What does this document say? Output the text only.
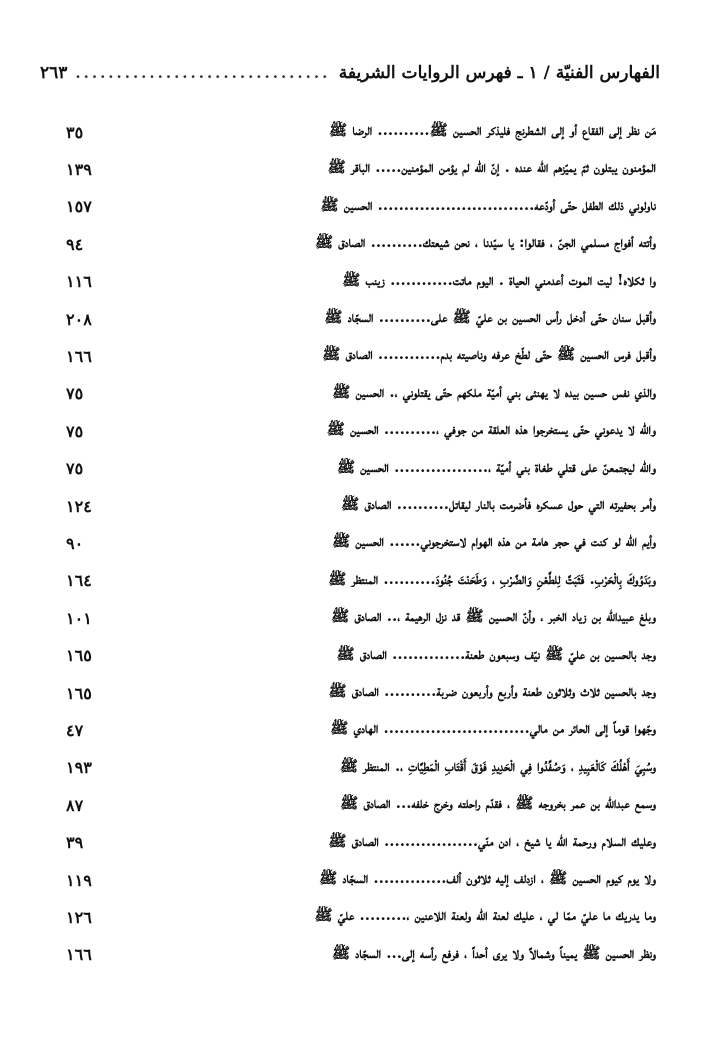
الفهارس الفنيّة / ١ ـ فهرس الروايات الشريفة
...............................
٢٦٣
مَن نظر إلى الفقاع أو إلى الشطرنج فليذكر الحسين ﷺ.......... الرضا ﷺ
٣٥
المؤمنون يبتلون ثمّ يميّزهم الله عنده . إنّ الله لم يؤمن المؤمنين..... الباقر ﷺ
١٣٩
ناولوني ذلك الطفل حتّى أودّعه.............................. الحسين ﷺ
١٥٧
وأتته أفواج مسلمي الجنّ ، فقالوا: يا سيّدنا ، نحن شيعتك.......... الصادق ﷺ
٩٤
وا ثكلاه! ليت الموت أعدمني الحياة . اليوم ماتت............ زينب ﷺ
١١٦
وأقبل سنان حتّى أدخل رأس الحسين بن عليّ ﷺ على.......... السجّاد ﷺ
٢٠٨
وأقبل فرس الحسين ﷺ حتّى لطّخ عرفه وناصيته بدم............ الصادق ﷺ
١٦٦
والذي نفس حسين بيده لا يهنئى بني أميّة ملكهم حتّى يقتلوني ،. الحسين ﷺ
٧٥
والله لا يدعوني حتّى يستخرجوا هذه العلقة من جوفي ،.......... الحسين ﷺ
٧٥
والله ليجتمعنّ على قتلي طغاة بني أميّة ،.................. الحسين ﷺ
٧٥
وأمر بحفيرته التي حول عسكره فأضرمت بالنار ليقاتل.......... الصادق ﷺ
١٢٤
وأيم الله لو كنت في حجر هامة من هذه الهوام لاستخرجوني...... الحسين ﷺ
٩٠
وبَدَوُوكَ بِالْحَرْبِ. فَثَبَتَّ لِلطَّعْنِ وَالضَّرْبِ ، وَطَحَنْتَ جُنُودَ.......... المنتظر ﷺ
١٦٤
وبلغ عبيدالله بن زياد الخبر ، وأنّ الحسين ﷺ قد نزل الرهيمة ،.. الصادق ﷺ
١٠١
وجد بالحسين بن عليّ ﷺ نيّف وسبعون طعنة.............. الصادق ﷺ
١٦٥
وجد بالحسين ثلاث وثلاثون طعنة وأربع وأربعون ضربة.......... الصادق ﷺ
١٦٥
وجّهوا قوماً إلى الحائر من مالي............................ الهادي ﷺ
٤٧
وسُبِيَ أَهْلُكَ كَالْعَبِيدِ ، وَصُفِّدُوا فِي الْحَدِيدِ فَوْقَ أَقْتَابِ الْمَطِيَّاتِ ،. المنتظر ﷺ
١٩٣
وسمع عبدالله بن عمر بخروجه ﷺ ، فقدّم راحلته وخرج خلفه... الصادق ﷺ
٨٧
وعليك السلام ورحمة الله يا شيخ ، ادن منّي.................. الصادق ﷺ
٣٩
ولا يوم كيوم الحسين ﷺ ، ازدلف إليه ثلاثون ألف.............. السجّاد ﷺ
١١٩
وما يدريك ما عليّ ممّا لي ، عليك لعنة الله ولعنة اللاعنين ،......... عليّ ﷺ
١٢٦
ونظر الحسين ﷺ يميناً وشمالاً ولا يرى أحداً ، فرفع رأسه إلى... السجّاد ﷺ
١٦٦
